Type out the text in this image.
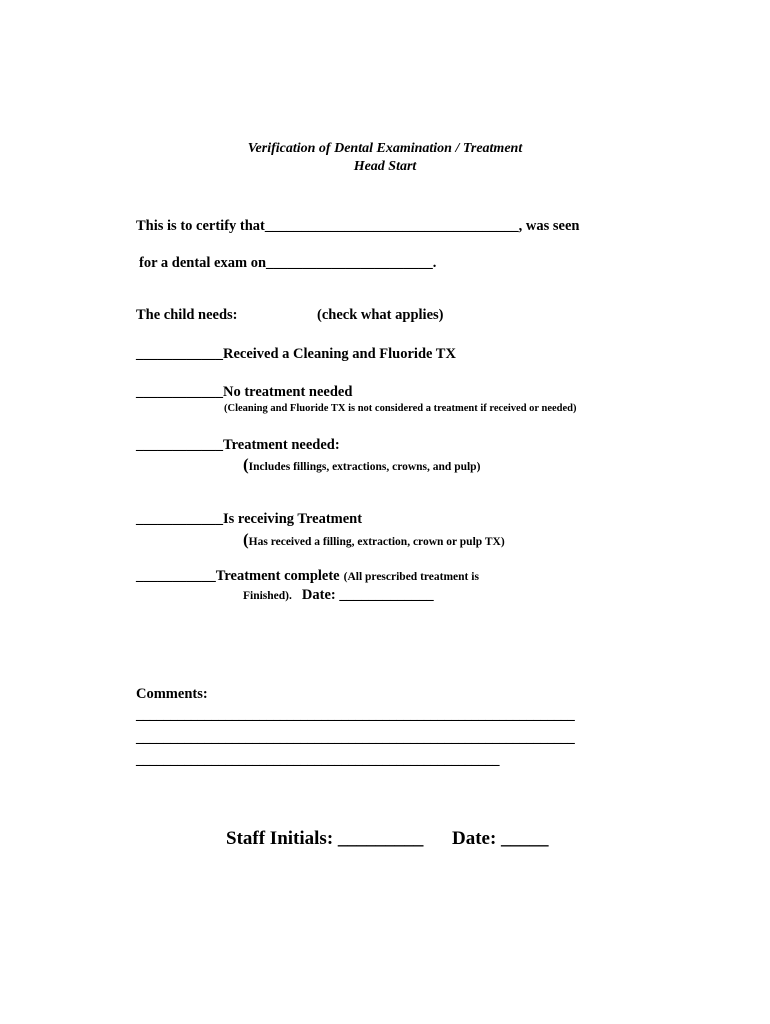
Verification of Dental Examination / Treatment
Head Start
This is to certify that___________________________________, was seen
for a dental exam on_______________________.
The child needs:	(check what applies)
____________Received a Cleaning and Fluoride TX
____________No treatment needed
(Cleaning and Fluoride TX is not considered a treatment if received or needed)
____________Treatment needed:
(Includes fillings, extractions, crowns, and pulp)
____________Is receiving Treatment
(Has received a filling, extraction, crown or pulp TX)
___________Treatment complete (All prescribed treatment is
Finished). Date: _____________
Comments:
________________________________________________________________
________________________________________________________________
_____________________________________________________
Staff Initials: _________ Date: _____
